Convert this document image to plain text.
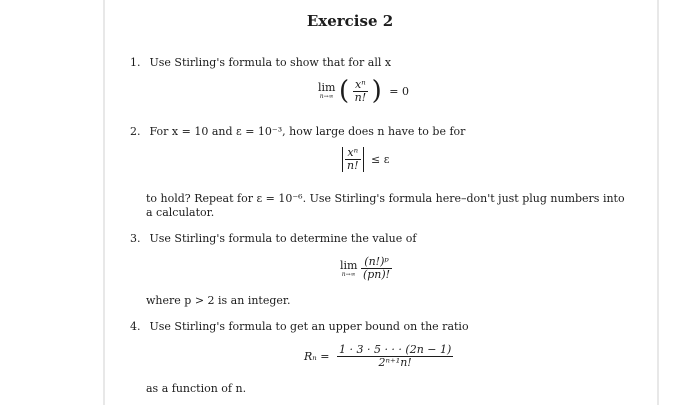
Exercise 2
1. Use Stirling's formula to show that for all x
lim
n→∞ ( $\frac{\text{xⁿ}}{n!}$ ) = 0
2. For x = 10 and ε = 10⁻³, how large does n have to be for
$\frac{\text{xⁿ}}{n!} \le \varepsilon$
to hold? Repeat for ε = 10⁻⁶. Use Stirling's formula here–don't just plug numbers into
a calculator.
3. Use Stirling's formula to determine the value of
lim
n→∞
$\frac{\text{(n!)ᵖ}}{(pn)!}$
where p > 2 is an integer.
4. Use Stirling's formula to get an upper bound on the ratio
$R_n = \frac{1 \cdot 3 \cdot 5 \cdot \cdot \cdot (2n - 1)}{\text{2ⁿ⁺¹n!}}$
as a function of n.
